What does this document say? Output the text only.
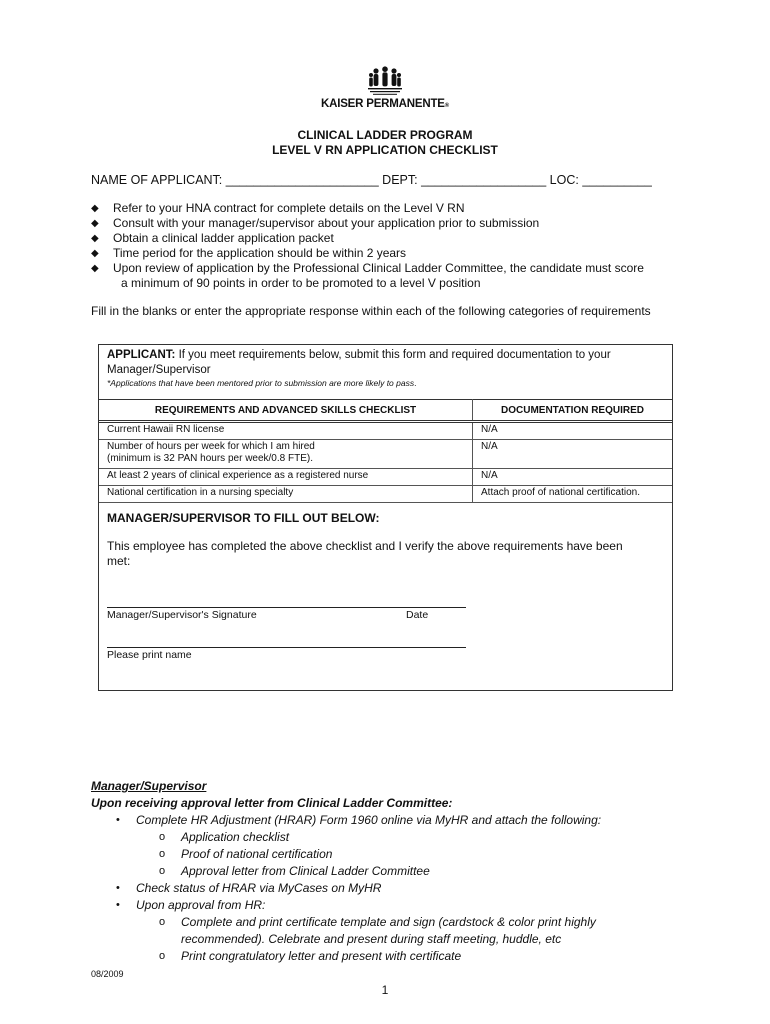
KAISER PERMANENTE®
CLINICAL LADDER PROGRAM
LEVEL V RN APPLICATION CHECKLIST
NAME OF APPLICANT: ______________________ DEPT: __________________ LOC: __________
◆ Refer to your HNA contract for complete details on the Level V RN
◆ Consult with your manager/supervisor about your application prior to submission
◆ Obtain a clinical ladder application packet
◆ Time period for the application should be within 2 years
◆ Upon review of application by the Professional Clinical Ladder Committee, the candidate must score
a minimum of 90 points in order to be promoted to a level V position
Fill in the blanks or enter the appropriate response within each of the following categories of requirements
APPLICANT: If you meet requirements below, submit this form and required documentation to your
Manager/Supervisor
*Applications that have been mentored prior to submission are more likely to pass.
REQUIREMENTS AND ADVANCED SKILLS CHECKLIST	DOCUMENTATION REQUIRED
Current Hawaii RN license	N/A
Number of hours per week for which I am hired
(minimum is 32 PAN hours per week/0.8 FTE).	N/A
At least 2 years of clinical experience as a registered nurse	N/A
National certification in a nursing specialty	Attach proof of national certification.
MANAGER/SUPERVISOR TO FILL OUT BELOW:
This employee has completed the above checklist and I verify the above requirements have been
met:
Manager/Supervisor's Signature	Date
Please print name
Manager/Supervisor
Upon receiving approval letter from Clinical Ladder Committee:
• Complete HR Adjustment (HRAR) Form 1960 online via MyHR and attach the following:
o Application checklist
o Proof of national certification
o Approval letter from Clinical Ladder Committee
• Check status of HRAR via MyCases on MyHR
• Upon approval from HR:
o Complete and print certificate template and sign (cardstock & color print highly
recommended). Celebrate and present during staff meeting, huddle, etc
o Print congratulatory letter and present with certificate
08/2009
1
